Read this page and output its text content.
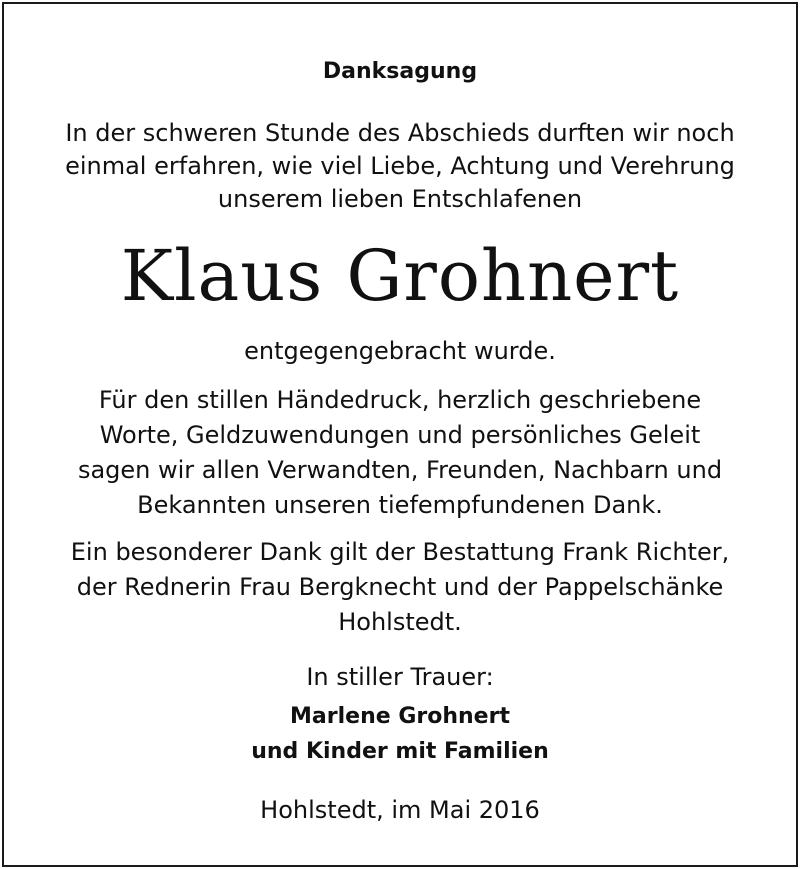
Danksagung
In der schweren Stunde des Abschieds durften wir noch
einmal erfahren, wie viel Liebe, Achtung und Verehrung
unserem lieben Entschlafenen
Klaus Grohnert
entgegengebracht wurde.
Für den stillen Händedruck, herzlich geschriebene
Worte, Geldzuwendungen und persönliches Geleit
sagen wir allen Verwandten, Freunden, Nachbarn und
Bekannten unseren tiefempfundenen Dank.
Ein besonderer Dank gilt der Bestattung Frank Richter,
der Rednerin Frau Bergknecht und der Pappelschänke
Hohlstedt.
In stiller Trauer:
Marlene Grohnert
und Kinder mit Familien
Hohlstedt, im Mai 2016
